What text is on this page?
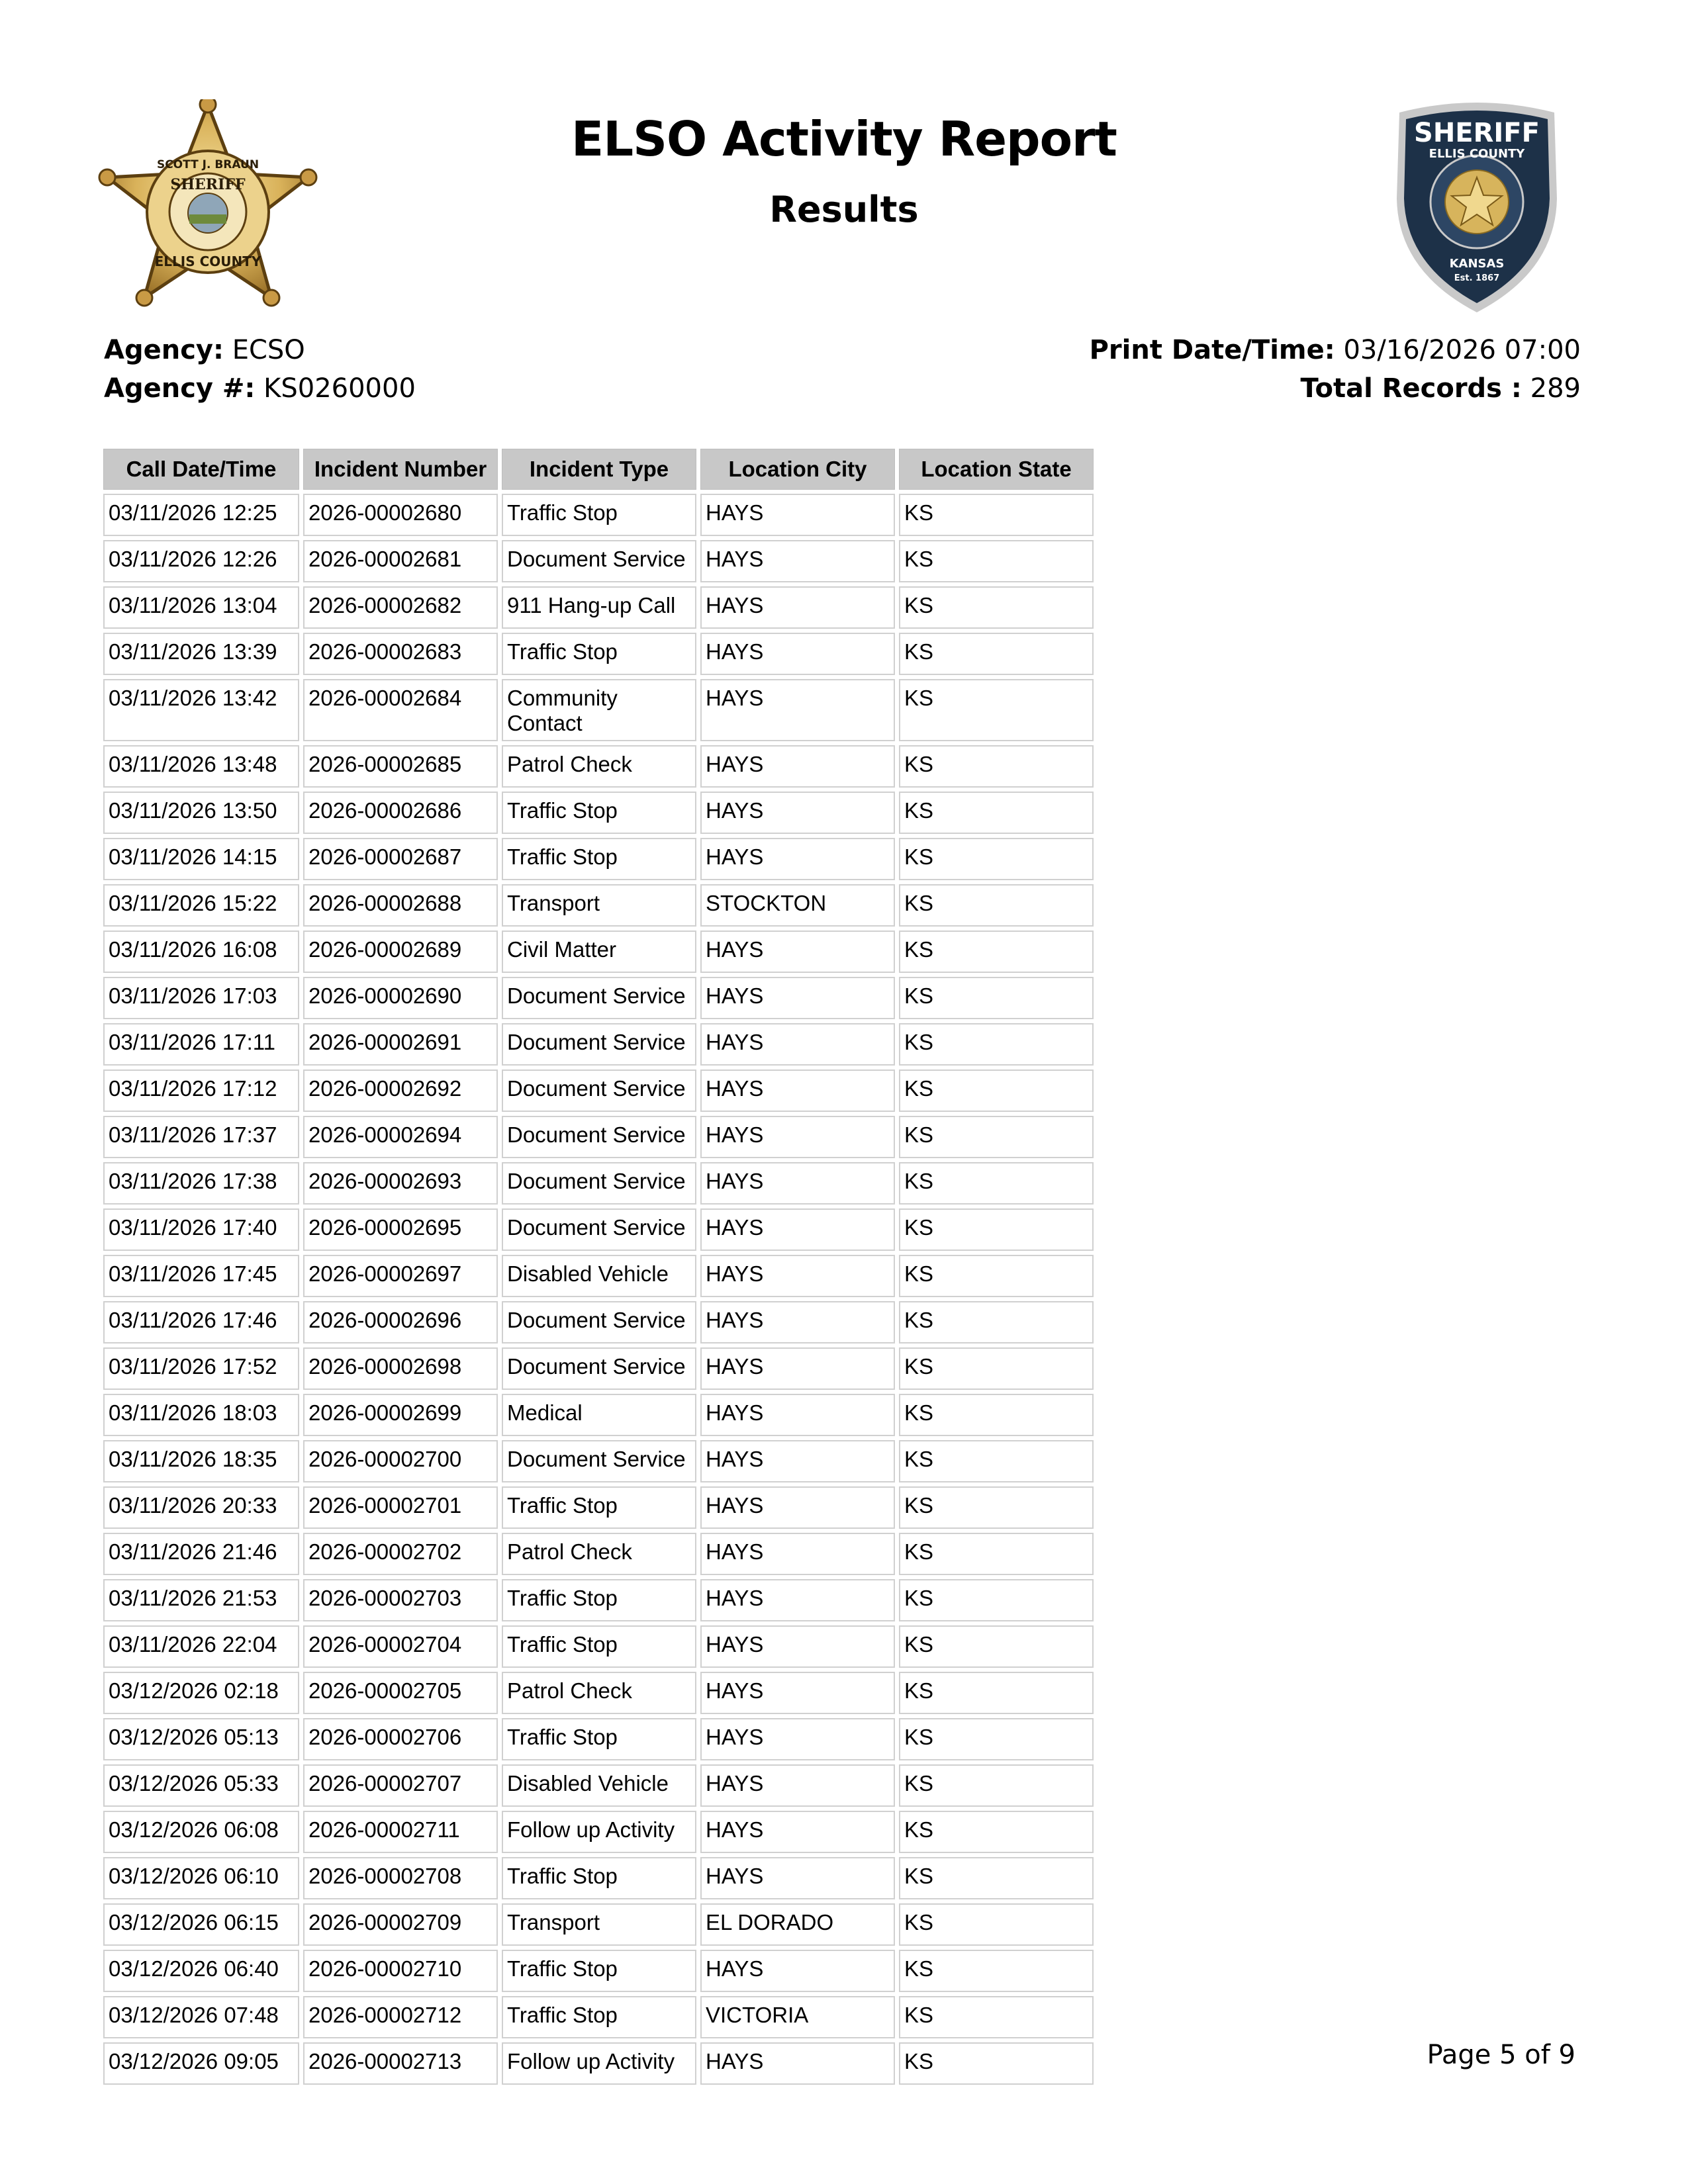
SCOTT J. BRAUN
SHERIFF
ELLIS COUNTY
ELSO Activity Report
Results
SHERIFF
ELLIS COUNTY
KANSAS
Est. 1867
Agency: ECSO
Agency #: KS0260000
Print Date/Time: 03/16/2026 07:00
Total Records : 289
Call Date/Time	Incident Number	Incident Type	Location City	Location State
03/11/2026 12:25	2026-00002680	Traffic Stop	HAYS	KS
03/11/2026 12:26	2026-00002681	Document Service	HAYS	KS
03/11/2026 13:04	2026-00002682	911 Hang-up Call	HAYS	KS
03/11/2026 13:39	2026-00002683	Traffic Stop	HAYS	KS
03/11/2026 13:42	2026-00002684	Community Contact	HAYS	KS
03/11/2026 13:48	2026-00002685	Patrol Check	HAYS	KS
03/11/2026 13:50	2026-00002686	Traffic Stop	HAYS	KS
03/11/2026 14:15	2026-00002687	Traffic Stop	HAYS	KS
03/11/2026 15:22	2026-00002688	Transport	STOCKTON	KS
03/11/2026 16:08	2026-00002689	Civil Matter	HAYS	KS
03/11/2026 17:03	2026-00002690	Document Service	HAYS	KS
03/11/2026 17:11	2026-00002691	Document Service	HAYS	KS
03/11/2026 17:12	2026-00002692	Document Service	HAYS	KS
03/11/2026 17:37	2026-00002694	Document Service	HAYS	KS
03/11/2026 17:38	2026-00002693	Document Service	HAYS	KS
03/11/2026 17:40	2026-00002695	Document Service	HAYS	KS
03/11/2026 17:45	2026-00002697	Disabled Vehicle	HAYS	KS
03/11/2026 17:46	2026-00002696	Document Service	HAYS	KS
03/11/2026 17:52	2026-00002698	Document Service	HAYS	KS
03/11/2026 18:03	2026-00002699	Medical	HAYS	KS
03/11/2026 18:35	2026-00002700	Document Service	HAYS	KS
03/11/2026 20:33	2026-00002701	Traffic Stop	HAYS	KS
03/11/2026 21:46	2026-00002702	Patrol Check	HAYS	KS
03/11/2026 21:53	2026-00002703	Traffic Stop	HAYS	KS
03/11/2026 22:04	2026-00002704	Traffic Stop	HAYS	KS
03/12/2026 02:18	2026-00002705	Patrol Check	HAYS	KS
03/12/2026 05:13	2026-00002706	Traffic Stop	HAYS	KS
03/12/2026 05:33	2026-00002707	Disabled Vehicle	HAYS	KS
03/12/2026 06:08	2026-00002711	Follow up Activity	HAYS	KS
03/12/2026 06:10	2026-00002708	Traffic Stop	HAYS	KS
03/12/2026 06:15	2026-00002709	Transport	EL DORADO	KS
03/12/2026 06:40	2026-00002710	Traffic Stop	HAYS	KS
03/12/2026 07:48	2026-00002712	Traffic Stop	VICTORIA	KS
03/12/2026 09:05	2026-00002713	Follow up Activity	HAYS	KS	Page 5 of 9
